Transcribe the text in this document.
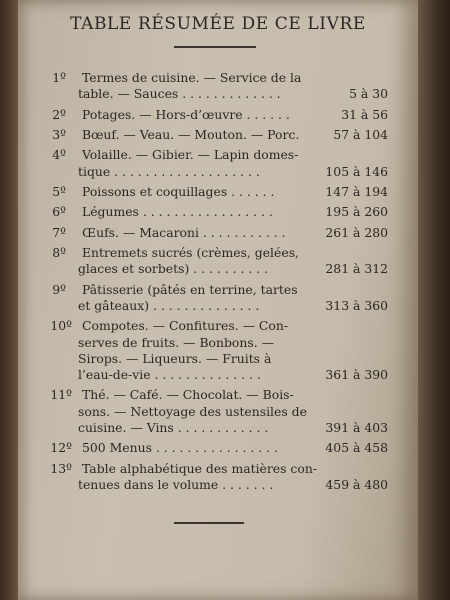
TABLE RÉSUMÉE DE CE LIVRE
1º Termes de cuisine. — Service de la
table. — Sauces . . . . . . . . . . . . .	5 à 30
2º Potages. — Hors-d’œuvre . . . . . .	31 à 56
3º Bœuf. — Veau. — Mouton. — Porc.	57 à 104
4º Volaille. — Gibier. — Lapin domes-
tique . . . . . . . . . . . . . . . . . . .	105 à 146
5º Poissons et coquillages . . . . . .	147 à 194
6º Légumes . . . . . . . . . . . . . . . . .	195 à 260
7º Œufs. — Macaroni . . . . . . . . . . .	261 à 280
8º Entremets sucrés (crèmes, gelées,
glaces et sorbets) . . . . . . . . . .	281 à 312
9º Pâtisserie (pâtés en terrine, tartes
et gâteaux) . . . . . . . . . . . . . .	313 à 360
10º Compotes. — Confitures. — Con-
serves de fruits. — Bonbons. —
Sirops. — Liqueurs. — Fruits à
l’eau-de-vie . . . . . . . . . . . . . .	361 à 390
11º Thé. — Café. — Chocolat. — Bois-
sons. — Nettoyage des ustensiles de
cuisine. — Vins . . . . . . . . . . . .	391 à 403
12º 500 Menus . . . . . . . . . . . . . . . .	405 à 458
13º Table alphabétique des matières con-
tenues dans le volume . . . . . . .	459 à 480
